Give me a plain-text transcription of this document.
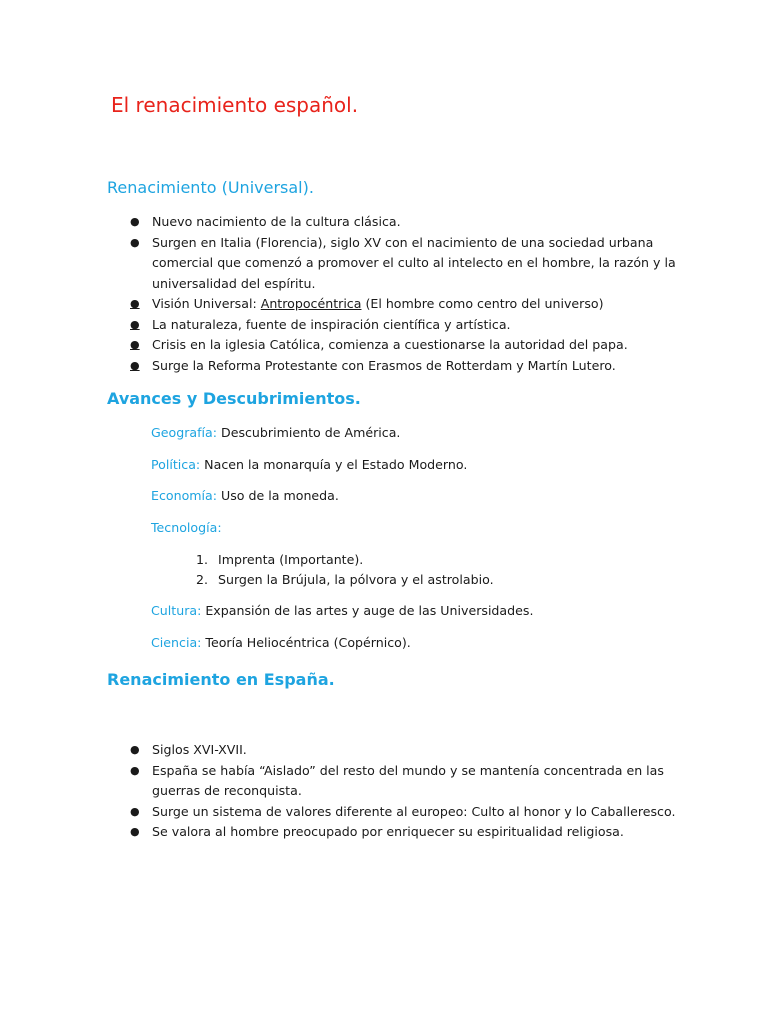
El renacimiento español.
Renacimiento (Universal).
● Nuevo nacimiento de la cultura clásica.
● Surgen en Italia (Florencia), siglo XV con el nacimiento de una sociedad urbana comercial que comenzó a promover el culto al intelecto en el hombre, la razón y la universalidad del espíritu.
● Visión Universal: Antropocéntrica (El hombre como centro del universo)
● La naturaleza, fuente de inspiración científica y artística.
● Crisis en la iglesia Católica, comienza a cuestionarse la autoridad del papa.
● Surge la Reforma Protestante con Erasmos de Rotterdam y Martín Lutero.
Avances y Descubrimientos.
Geografía: Descubrimiento de América.
Política: Nacen la monarquía y el Estado Moderno.
Economía: Uso de la moneda.
Tecnología:
1. Imprenta (Importante).
2. Surgen la Brújula, la pólvora y el astrolabio.
Cultura: Expansión de las artes y auge de las Universidades.
Ciencia: Teoría Heliocéntrica (Copérnico).
Renacimiento en España.
● Siglos XVI-XVII.
● España se había “Aislado” del resto del mundo y se mantenía concentrada en las guerras de reconquista.
● Surge un sistema de valores diferente al europeo: Culto al honor y lo Caballeresco.
● Se valora al hombre preocupado por enriquecer su espiritualidad religiosa.
